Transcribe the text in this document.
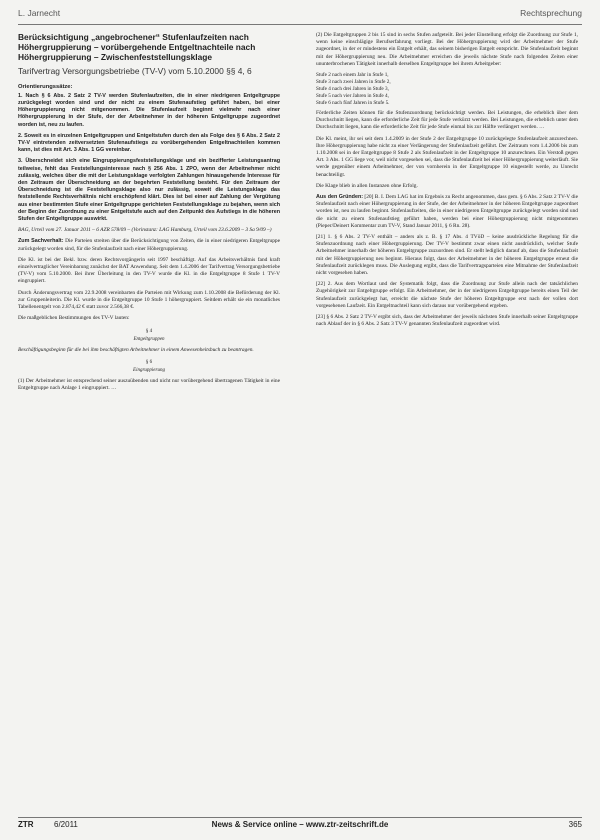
L. Jarnecht	Rechtsprechung
Berücksichtigung „angebrochener“ Stufenlaufzeiten nach Höhergruppierung – vorübergehende Entgeltnachteile nach Höhergruppierung – Zwischenfeststellungsklage
Tarifvertrag Versorgungsbetriebe (TV-V) vom 5.10.2000 §§ 4, 6
Orientierungssätze:

1. Nach § 6 Abs. 2 Satz 2 TV-V werden Stufenlaufzeiten, die in einer niedrigeren Entgeltgruppe zurückgelegt worden sind und der nicht zu einem Stufenaufstieg geführt haben, bei einer Höhergruppierung nicht mitgenommen. Die Stufenlaufzeit beginnt vielmehr nach einer Höhergruppierung in der Stufe, der der Arbeitnehmer in der höheren Entgeltgruppe zugeordnet worden ist, neu zu laufen.

2. Soweit es in einzelnen Entgeltgruppen und Entgeltstufen durch den als Folge des § 6 Abs. 2 Satz 2 TV-V eintretenden zeitversetzten Stufenaufstiegs zu vorübergehenden Entgeltnachteilen kommen kann, ist dies mit Art. 3 Abs. 1 GG vereinbar.

3. Überschneidet sich eine Eingruppierungsfeststellungsklage und ein bezifferter Leistungsantrag teilweise, fehlt das Feststellungsinteresse nach § 256 Abs. 1 ZPO, wenn der Arbeitnehmer nicht zulässig, welches über die mit der Leistungsklage verfolgten Zahlungen hinausgehende Interesse für den Zeitraum der Überschneidung an der begehrten Feststellung besteht. Für den Zeitraum der Überschneidung ist die Feststellungsklage also nur zulässig, soweit die Leistungsklage das feststellende Rechtsverhältnis nicht erschöpfend klärt. Dies ist bei einer auf Zahlung der Vergütung aus einer bestimmten Stufe einer Entgeltgruppe gerichteten Feststellungsklage zu bejahen, wenn sich der Beginn der Zuordnung zu einer Entgeltstufe auch auf den Zeitpunkt des Aufstiegs in die höheren Stufen der Entgeltgruppe auswirkt.

BAG, Urteil vom 27. Januar 2011 – 6 AZR 578/09 – (Vorinstanz: LAG Hamburg, Urteil vom 23.6.2009 – 3 Sa 9/09 –)

Zum Sachverhalt: Die Parteien streiten über die Berücksichtigung von Zeiten, die in einer niedrigeren Entgeltgruppe zurückgelegt worden sind, für die Stufenlaufzeit nach einer Höhergruppierung.

Die Kl. ist bei der Bekl. bzw. deren Rechtsvorgängerin seit 1997 beschäftigt. Auf das Arbeitsverhältnis fand kraft einzelvertraglicher Vereinbarung zunächst der BAT Anwendung. Seit dem 1.4.2006 der Tarifvertrag Versorgungsbetriebe (TV-V) vom 5.10.2000. Bei ihrer Überleitung in den TV-V wurde die Kl. in die Entgeltgruppe 8 Stufe 1 TV-V eingruppiert.

Durch Änderungsvertrag vom 22.9.2008 vereinbarten die Parteien mit Wirkung zum 1.10.2008 die Beförderung der Kl. zur Gruppenleiterin. Die Kl. wurde in die Entgeltgruppe 10 Stufe 1 höhergruppiert. Seitdem erhält sie ein monatliches Tabellenentgelt von 2.874,42 € statt zuvor 2.566,38 €.

Die maßgeblichen Bestimmungen des TV-V lauten:

§ 4
Entgeltgruppen

Beschäftigungsbeginn für die bei ihm beschäftigten Arbeitnehmer in einem Anwesenheitsbuch zu beantragen.

§ 6
Eingruppierung

(1) Der Arbeitnehmer ist entsprechend seiner auszuübenden und nicht nur vorübergehend übertragenen Tätigkeit in eine Entgeltgruppe nach Anlage 1 eingruppiert. …

(2) Die Entgeltgruppen 2 bis 15 sind in sechs Stufen aufgeteilt. Bei jeder Einstellung erfolgt die Zuordnung zur Stufe 1, wenn keine einschlägige Berufserfahrung vorliegt. Bei der Höhergruppierung wird der Arbeitnehmer der Stufe zugeordnet, in der er mindestens ein Entgelt erhält, das seinem bisherigen Entgelt entspricht. Die Stufenlaufzeit beginnt mit der Höhergruppierung neu. Die Arbeitnehmer erreichen die jeweils nächste Stufe nach folgenden Zeiten einer ununterbrochenen Tätigkeit innerhalb derselben Entgeltgruppe bei ihrem Arbeitgeber:

Stufe 2 nach einem Jahr in Stufe 1,

Stufe 3 nach zwei Jahren in Stufe 2,

Stufe 4 nach drei Jahren in Stufe 3,

Stufe 5 nach vier Jahren in Stufe 4,

Stufe 6 nach fünf Jahren in Stufe 5.

Förderliche Zeiten können für die Stufenzuordnung berücksichtigt werden. Bei Leistungen, die erheblich über dem Durchschnitt liegen, kann die erforderliche Zeit für jede Stufe verkürzt werden. Bei Leistungen, die erheblich unter dem Durchschnitt liegen, kann die erforderliche Zeit für jede Stufe einmal bis zur Hälfte verlängert werden. …

Die Kl. meint, ihr sei seit dem 1.4.2009 in der Stufe 2 der Entgeltgruppe 10 zurückgelegte Stufenlaufzeit anzurechnen. Ihre Höhergruppierung habe nicht zu einer Verlängerung der Stufenlaufzeit geführt. Der Zeitraum vom 1.4.2006 bis zum 1.10.2008 sei in der Entgeltgruppe 8 Stufe 2 als Stufenlaufzeit in der Entgeltgruppe 10 anzurechnen. Ein Verstoß gegen Art. 3 Abs. 1 GG liege vor, weil nicht vorgesehen sei, dass die Stufenlaufzeit bei einer Höhergruppierung weiterläuft. Sie werde gegenüber einem Arbeitnehmer, der von vornherein in der Entgeltgruppe 10 eingestellt werde, zu Unrecht benachteiligt.

Die Klage blieb in allen Instanzen ohne Erfolg.

Aus den Gründen: [20] B. I. Dem LAG hat im Ergebnis zu Recht angenommen, dass gem. § 6 Abs. 2 Satz 2 TV-V die Stufenlaufzeit nach einer Höhergruppierung in der Stufe, der der Arbeitnehmer in der höheren Entgeltgruppe zugeordnet worden ist, neu zu laufen beginnt. Stufenlaufzeiten, die in einer niedrigeren Entgeltgruppe zurückgelegt worden sind und die nicht zu einem Stufenaufstieg geführt haben, werden bei einer Höhergruppierung nicht mitgenommen (Pieper/Deinert Kommentar zum TV-V, Stand Januar 2011, § 6 Rn. 28).

[21] 1. § 6 Abs. 2 TV-V enthält – anders als z. B. § 17 Abs. 4 TVöD – keine ausdrückliche Regelung für die Stufenzuordnung nach einer Höhergruppierung. Der TV-V bestimmt zwar einen nicht ausdrücklich, welcher Stufe Arbeitnehmer innerhalb der höheren Entgeltgruppe zuzuordnen sind. Er stellt lediglich darauf ab, dass die Stufenlaufzeit mit der Höhergruppierung neu beginnt. Hieraus folgt, dass der Arbeitnehmer in der höheren Entgeltgruppe erneut die Stufenlaufzeit zurücklegen muss. Die Auslegung ergibt, dass die Tarifvertragsparteien eine Mitnahme der Stufenlaufzeit nicht vorgesehen haben.

[22] 2. Aus dem Wortlaut und der Systematik folgt, dass die Zuordnung zur Stufe allein nach der tatsächlichen Zugehörigkeit zur Entgeltgruppe erfolgt. Ein Arbeitnehmer, der in der niedrigeren Entgeltgruppe bereits einen Teil der Stufenlaufzeit zurückgelegt hat, erreicht die nächste Stufe der höheren Entgeltgruppe erst nach der vollen dort vorgesehenen Laufzeit. Ein Entgeltnachteil kann sich daraus nur vorübergehend ergeben.

[23] § 6 Abs. 2 Satz 2 TV-V ergibt sich, dass der Arbeitnehmer der jeweils nächsten Stufe innerhalb seiner Entgeltgruppe nach Ablauf der in § 6 Abs. 2 Satz 3 TV-V genannten Stufenlaufzeit zugeordnet wird.

ZTR	6/2011	News & Service online – www.ztr-zeitschrift.de	365
